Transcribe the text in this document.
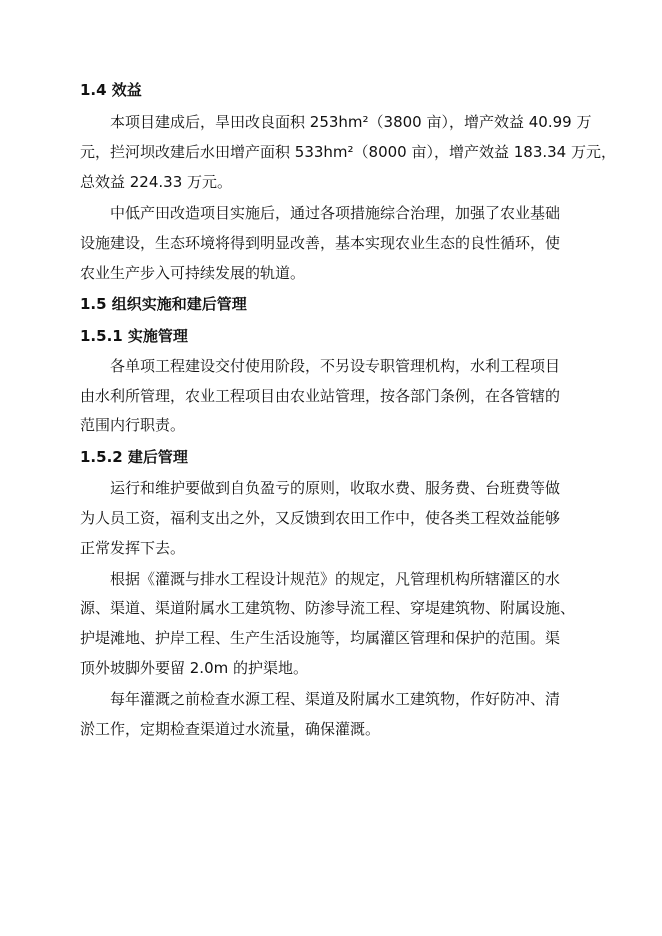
1.4 效益
本项目建成后，旱田改良面积 253hm²（3800 亩），增产效益 40.99 万
元，拦河坝改建后水田增产面积 533hm²（8000 亩），增产效益 183.34 万元，
总效益 224.33 万元。
中低产田改造项目实施后，通过各项措施综合治理，加强了农业基础
设施建设，生态环境将得到明显改善，基本实现农业生态的良性循环，使
农业生产步入可持续发展的轨道。
1.5 组织实施和建后管理
1.5.1 实施管理
各单项工程建设交付使用阶段，不另设专职管理机构，水利工程项目
由水利所管理，农业工程项目由农业站管理，按各部门条例，在各管辖的
范围内行职责。
1.5.2 建后管理
运行和维护要做到自负盈亏的原则，收取水费、服务费、台班费等做
为人员工资，福利支出之外，又反馈到农田工作中，使各类工程效益能够
正常发挥下去。
根据《灌溉与排水工程设计规范》的规定，凡管理机构所辖灌区的水
源、渠道、渠道附属水工建筑物、防渗导流工程、穿堤建筑物、附属设施、
护堤滩地、护岸工程、生产生活设施等，均属灌区管理和保护的范围。渠
顶外坡脚外要留 2.0m 的护渠地。
每年灌溉之前检查水源工程、渠道及附属水工建筑物，作好防冲、清
淤工作，定期检查渠道过水流量，确保灌溉。
